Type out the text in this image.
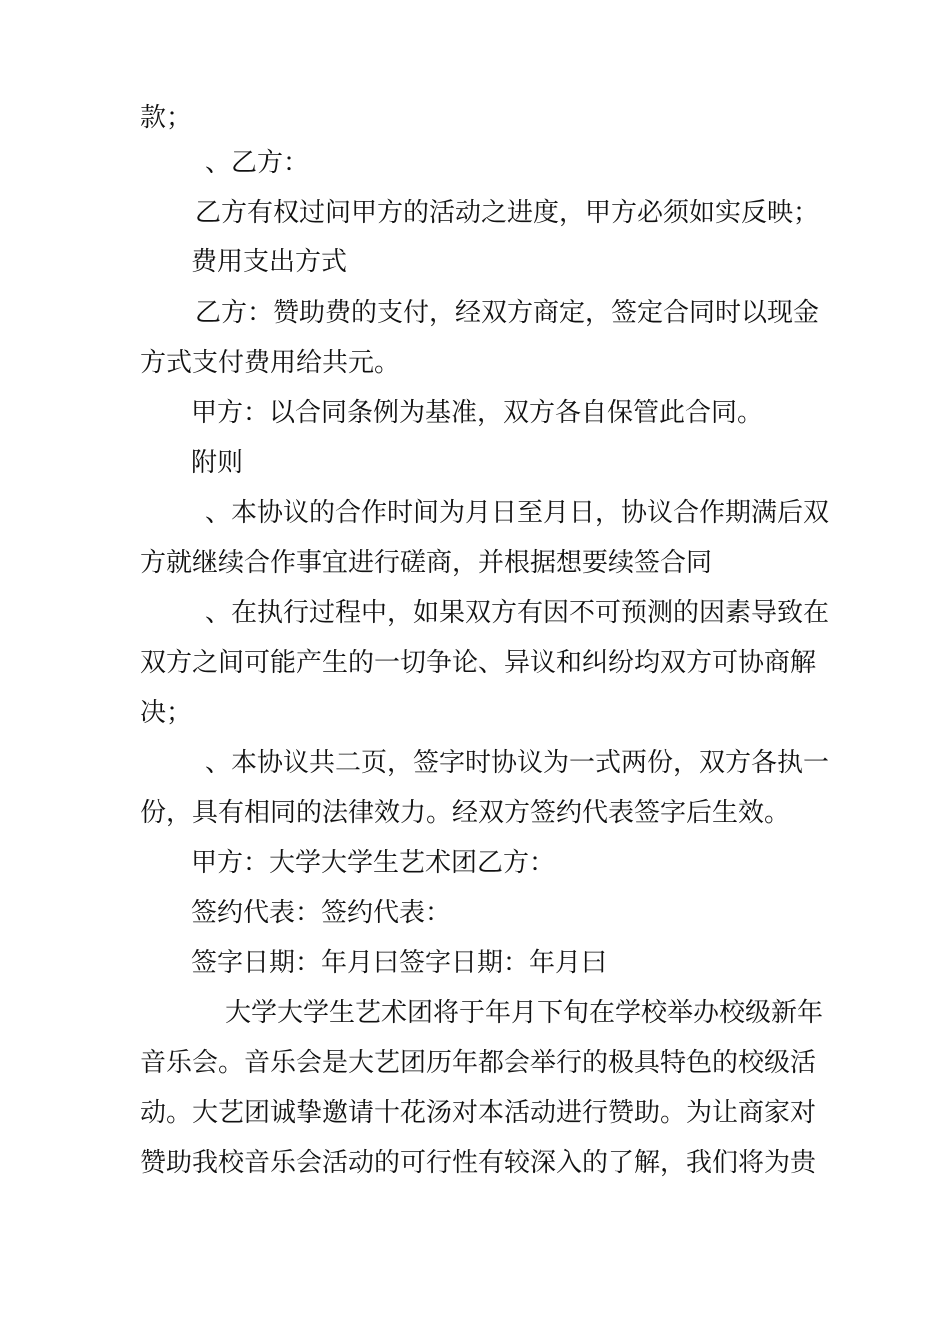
款；
、乙方：
乙方有权过问甲方的活动之进度，甲方必须如实反映；
费用支出方式
乙方：赞助费的支付，经双方商定，签定合同时以现金
方式支付费用给共元。
甲方：以合同条例为基准，双方各自保管此合同。
附则
、本协议的合作时间为月日至月日，协议合作期满后双
方就继续合作事宜进行磋商，并根据想要续签合同
、在执行过程中，如果双方有因不可预测的因素导致在
双方之间可能产生的一切争论、异议和纠纷均双方可协商解
决；
、本协议共二页，签字时协议为一式两份，双方各执一
份，具有相同的法律效力。经双方签约代表签字后生效。
甲方：大学大学生艺术团乙方：
签约代表：签约代表：
签字日期：年月曰签字日期：年月曰
大学大学生艺术团将于年月下旬在学校举办校级新年
音乐会。音乐会是大艺团历年都会举行的极具特色的校级活
动。大艺团诚挚邀请十花汤对本活动进行赞助。为让商家对
赞助我校音乐会活动的可行性有较深入的了解，我们将为贵
